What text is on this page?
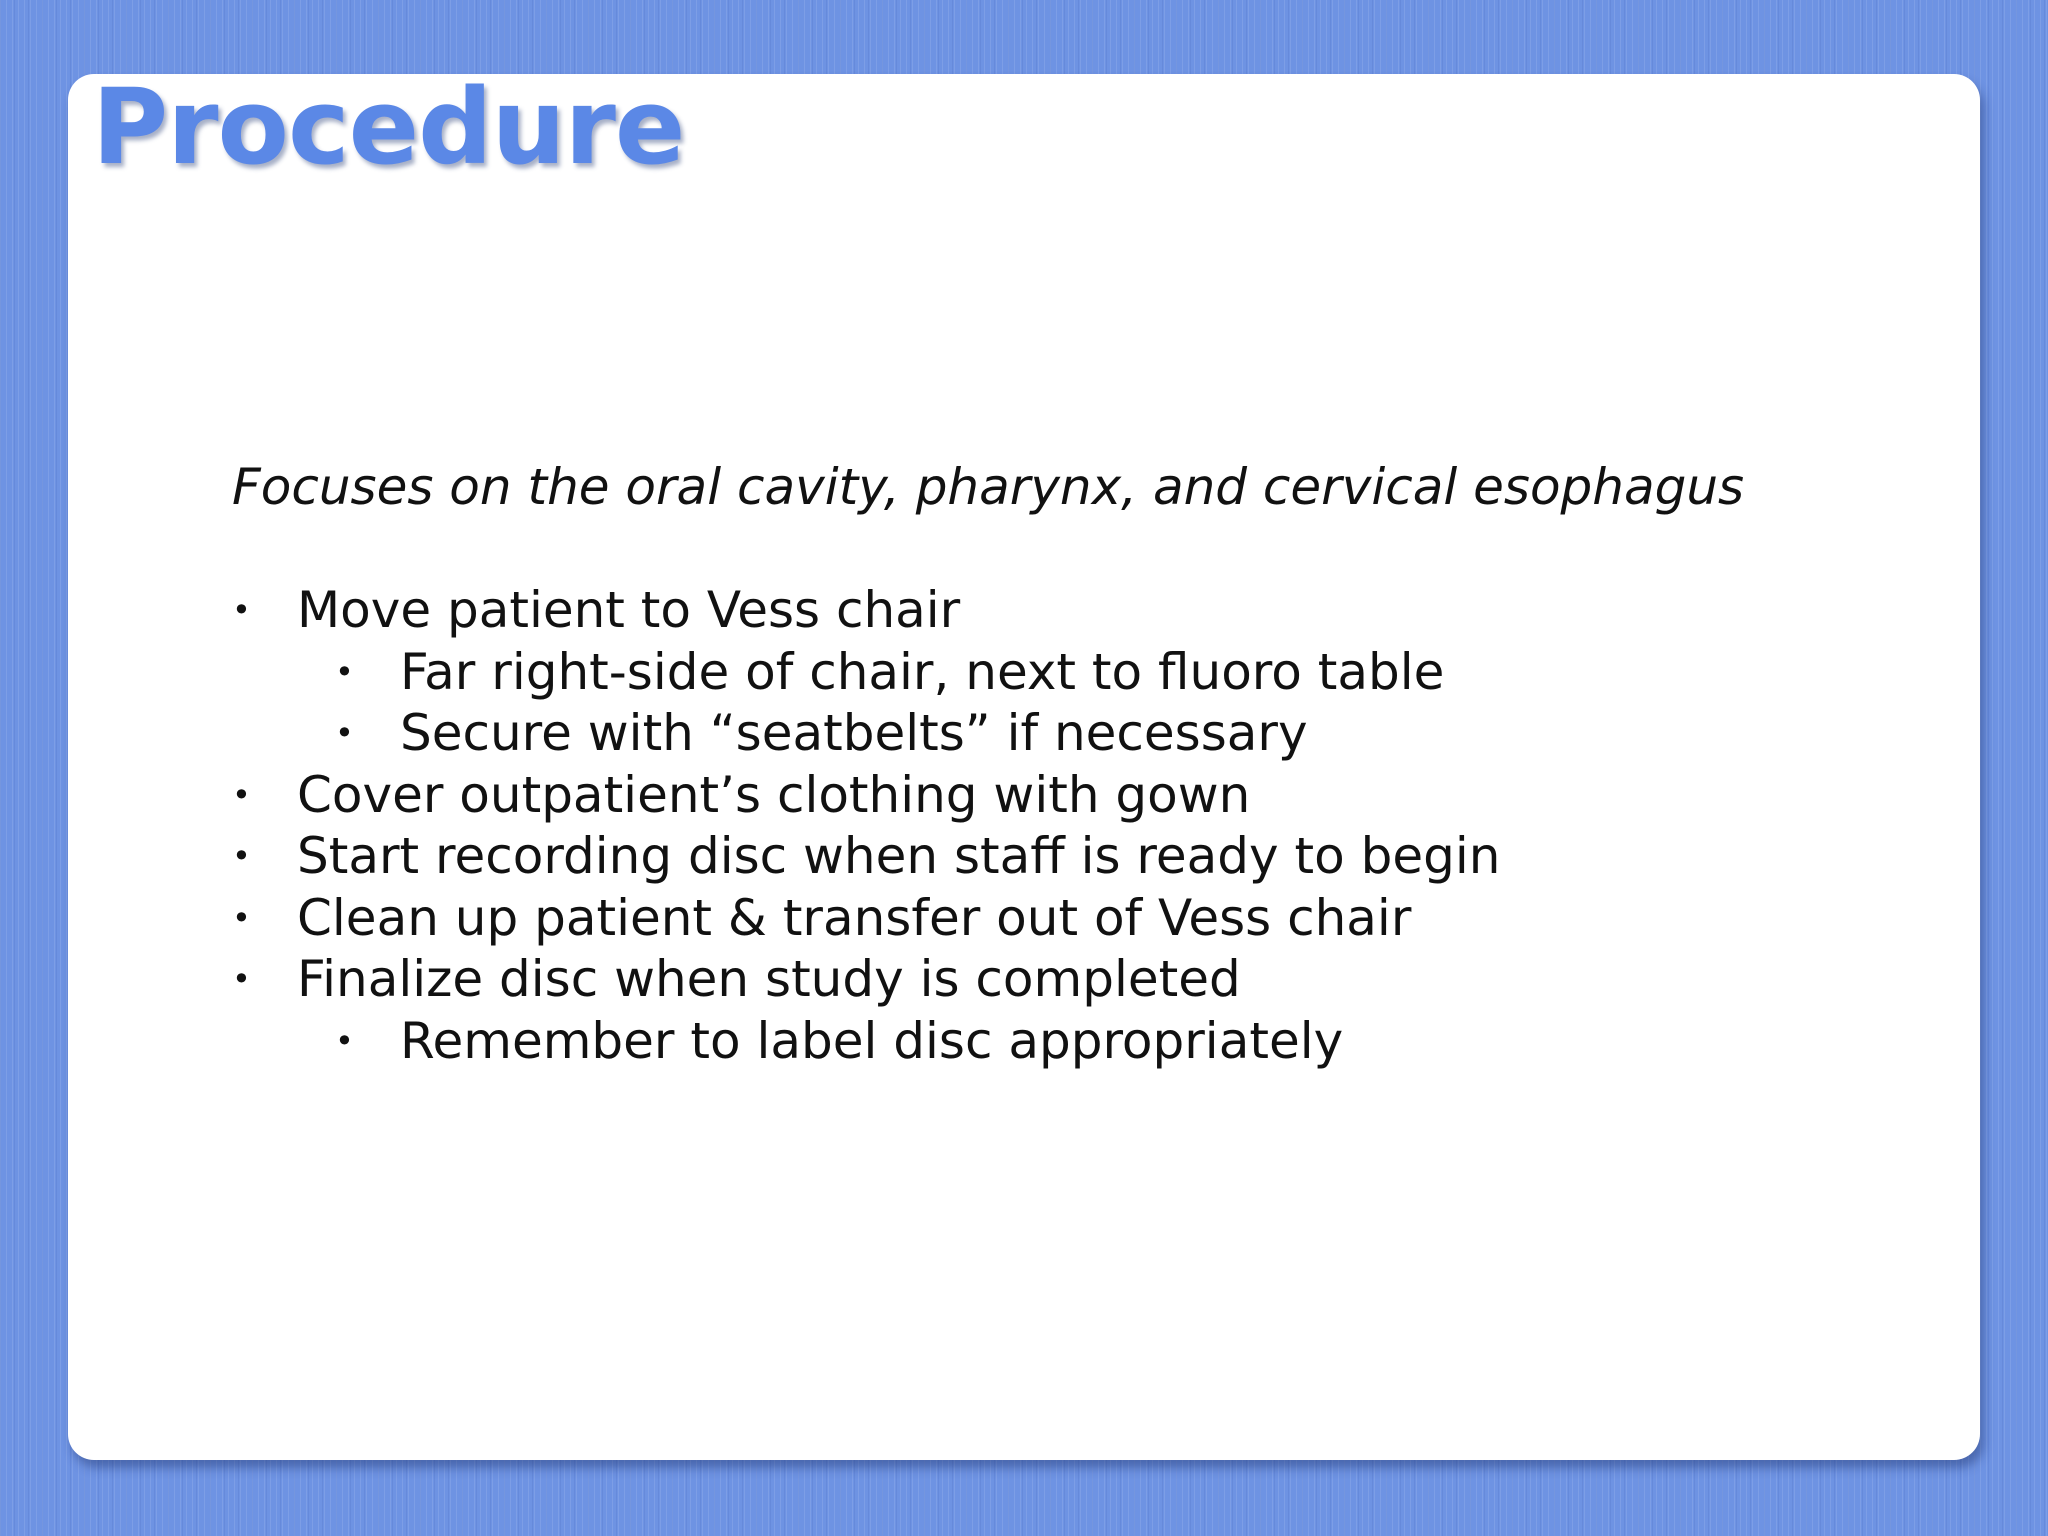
Procedure

Focuses on the oral cavity, pharynx, and cervical esophagus

• Move patient to Vess chair
• Far right-side of chair, next to fluoro table
• Secure with “seatbelts” if necessary
• Cover outpatient’s clothing with gown
• Start recording disc when staff is ready to begin
• Clean up patient & transfer out of Vess chair
• Finalize disc when study is completed
• Remember to label disc appropriately
